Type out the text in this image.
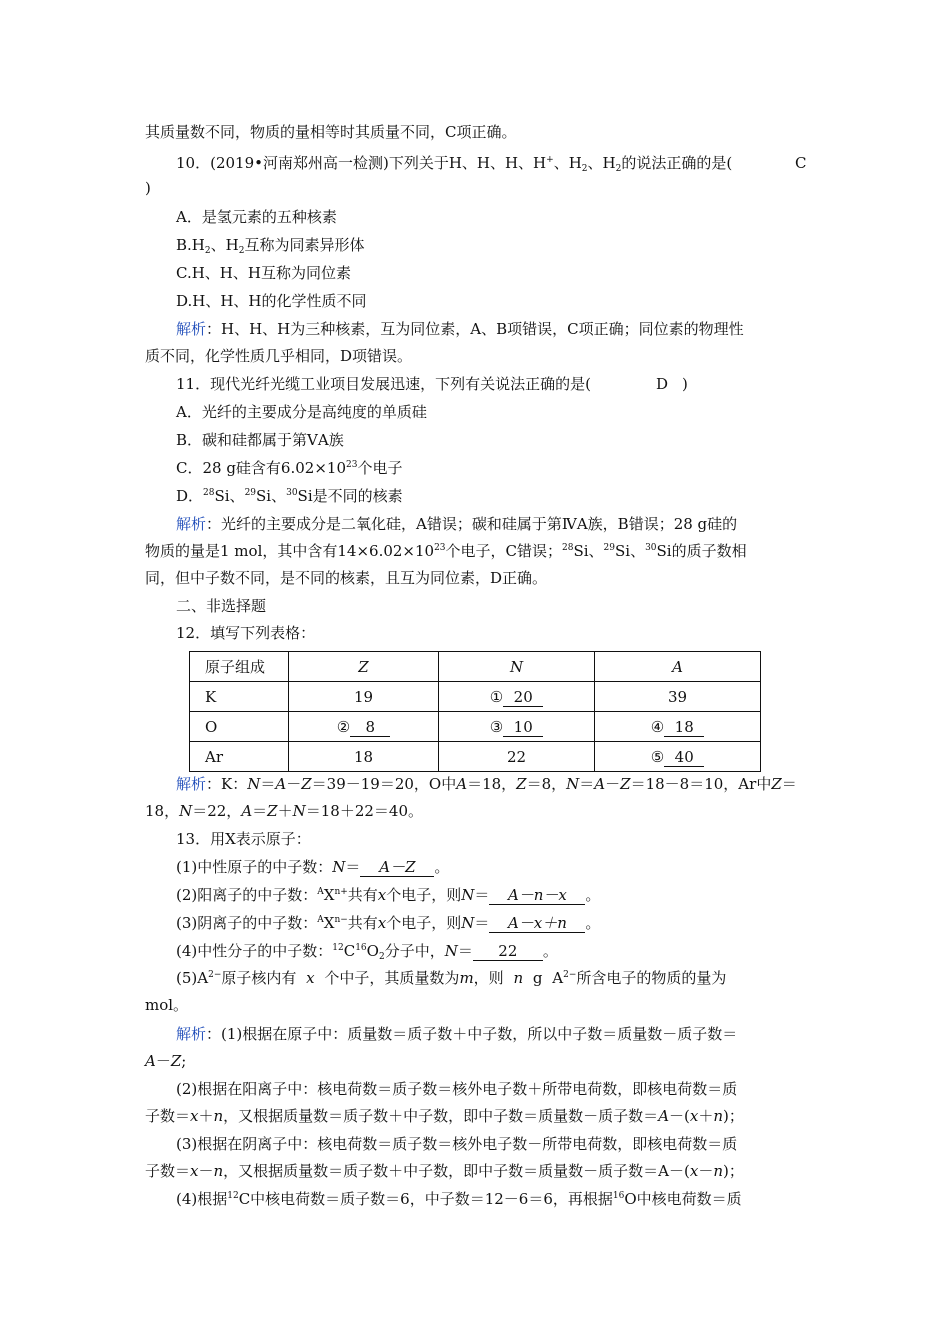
其质量数不同，物质的量相等时其质量不同，C项正确。
10．(2019•河南郑州高一检测)下列关于H、H、H、H+、$H_2$、$H_2$的说法正确的是(	C
)
A．是氢元素的五种核素
$B.H_2$、$H_2$互称为同素异形体
C.H、H、H互称为同位素
D.H、H、H的化学性质不同
解析：H、H、H为三种核素，互为同位素，A、B项错误，C项正确；同位素的物理性
质不同，化学性质几乎相同，D项错误。
11．现代光纤光缆工业项目发展迅速，下列有关说法正确的是(	D )
A．光纤的主要成分是高纯度的单质硅
B．碳和硅都属于第ⅤA族
C．28 g硅含有$6.02\times 10^{23}$个电子
D．$^{28}$Si、$^{29}$Si、$^{30}$Si是不同的核素
解析：光纤的主要成分是二氧化硅，A错误；碳和硅属于第ⅣA族，B错误；28 g硅的
物质的量是1 mol，其中含有$14\times 6.02\times 10^{23}$个电子，C错误；$^{28}$Si、$^{29}$Si、$^{30}$Si的质子数相
同，但中子数不同，是不同的核素，且互为同位素，D正确。
二、非选择题
12．填写下列表格：
原子组成	Z	N	A
K	19	① 20	39
O	② 8	③ 10	④ 18
Ar	18	22	⑤ 40
解析：K：N＝A－Z＝39－19＝20，O中A＝18，Z＝8，N＝A－Z＝18－8＝10，Ar中Z＝
18，N＝22，A＝Z＋N＝18＋22＝40。
13．用X表示原子：
(1)中性原子的中子数：N＝ A－Z 。
(2)阳离子的中子数：$^AX^{n+}$共有x个电子，则N＝ A－n－x 。
(3)阴离子的中子数：$^AX^{n-}$共有x个电子，则N＝ A－x＋n 。
(4)中性分子的中子数：$^{12}C^{16}O_2$分子中，N＝ 22 。
$(5)A^{2-}$原子核内有 x 个中子，其质量数为m，则 n g $A^{2-}$所含电子的物质的量为
mol。
解析：(1)根据在原子中：质量数＝质子数＋中子数，所以中子数＝质量数－质子数＝
A－Z;
(2)根据在阳离子中：核电荷数＝质子数＝核外电子数＋所带电荷数，即核电荷数＝质
子数＝x＋n，又根据质量数＝质子数＋中子数，即中子数＝质量数－质子数＝A－(x＋n)；
(3)根据在阴离子中：核电荷数＝质子数＝核外电子数－所带电荷数，即核电荷数＝质
子数＝x－n，又根据质量数＝质子数＋中子数，即中子数＝质量数－质子数＝A－(x－n)；
(4)根据$^{12}$C中核电荷数＝质子数＝6，中子数＝12－6＝6，再根据$^{16}$O中核电荷数＝质
